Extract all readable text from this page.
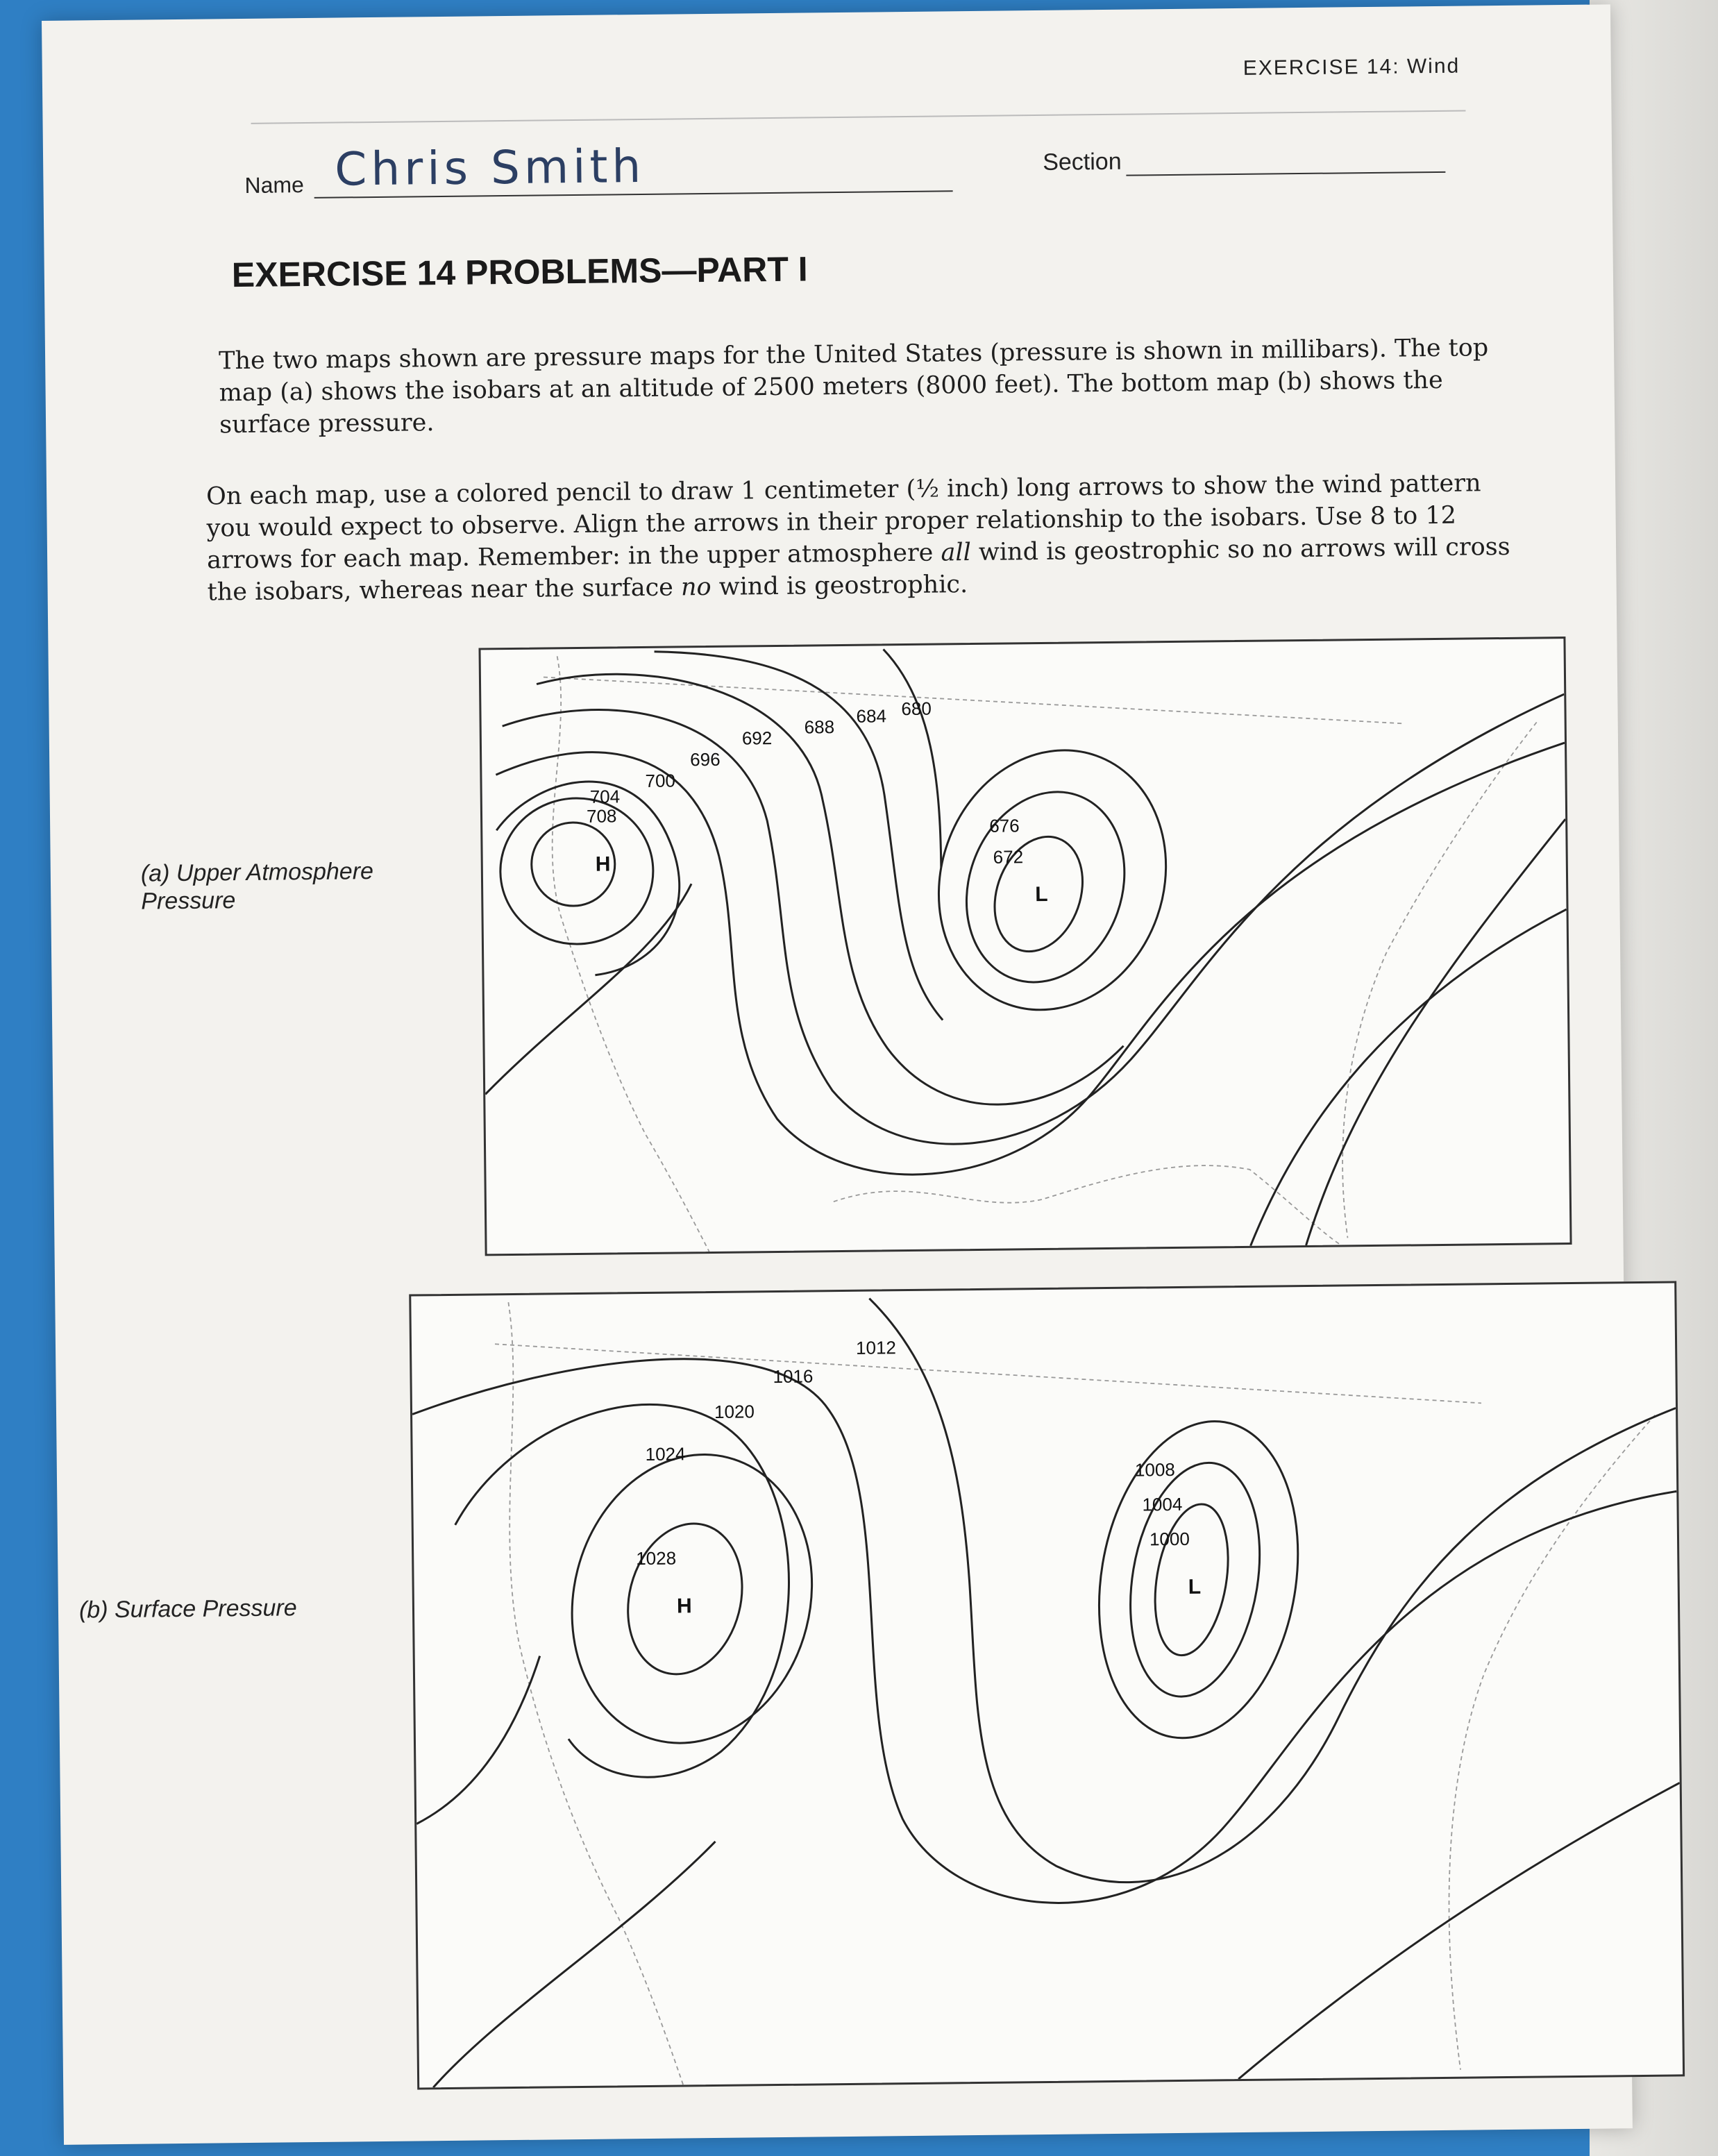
EXERCISE 14: Wind
Name Chris Smith	Section
EXERCISE 14 PROBLEMS—PART I
The two maps shown are pressure maps for the United States (pressure is shown in millibars). The top map (a) shows the isobars at an altitude of 2500 meters (8000 feet). The bottom map (b) shows the surface pressure.
On each map, use a colored pencil to draw 1 centimeter (½ inch) long arrows to show the wind pattern you would expect to observe. Align the arrows in their proper relationship to the isobars. Use 8 to 12 arrows for each map. Remember: in the upper atmosphere all wind is geostrophic so no arrows will cross the isobars, whereas near the surface no wind is geostrophic.
(a) Upper Atmosphere
Pressure
708
704
700
696
692
688
684 680
676
672
H
L
(b) Surface Pressure
1028
1024
1020
1016
1012
1008
1004
1000
H
L
